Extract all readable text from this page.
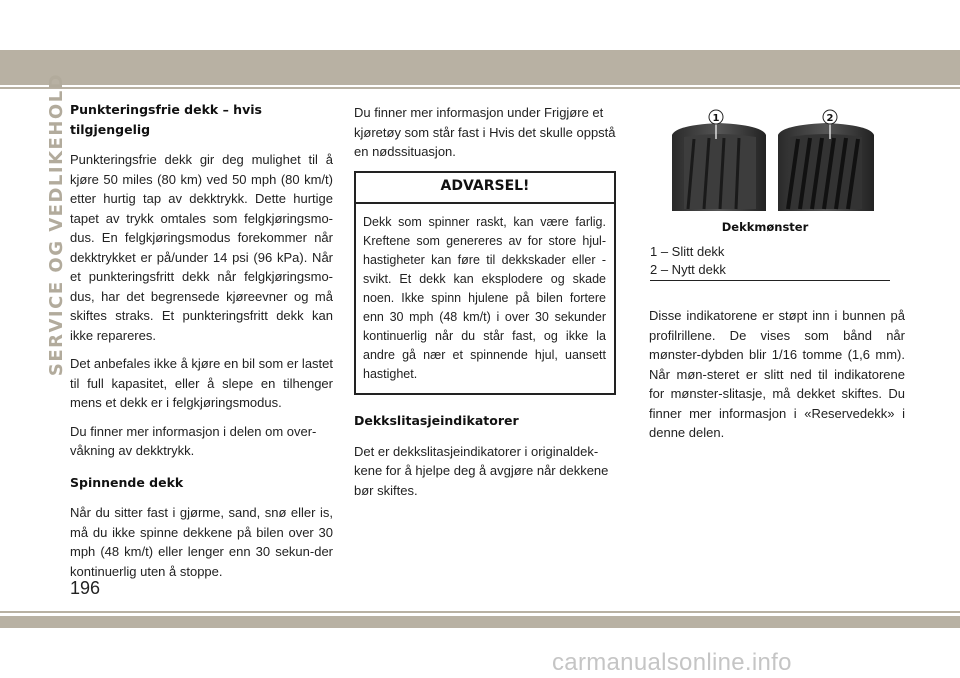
SERVICE OG VEDLIKEHOLD Punkteringsfrie dekk – hvis tilgjengelig

Punkteringsfrie dekk gir deg mulighet til å kjøre 50 miles (80 km) ved 50 mph (80 km/t) etter hurtig tap av dekktrykk. Dette hurtige tapet av trykk omtales som felgkjøringsmo-dus. En felgkjøringsmodus forekommer når dekktrykket er på/under 14 psi (96 kPa). Når et punkteringsfritt dekk når felgkjøringsmo-dus, har det begrensede kjøreevner og må skiftes straks. Et punkteringsfritt dekk kan ikke repareres.

Det anbefales ikke å kjøre en bil som er lastet til full kapasitet, eller å slepe en tilhenger mens et dekk er i felgkjøringsmodus.

Du finner mer informasjon i delen om over-våkning av dekktrykk.

Spinnende dekk

Når du sitter fast i gjørme, sand, snø eller is, må du ikke spinne dekkene på bilen over 30 mph (48 km/t) eller lenger enn 30 sekun-der kontinuerlig uten å stoppe.

Du finner mer informasjon under Frigjøre et kjøretøy som står fast i Hvis det skulle oppstå en nødssituasjon.

ADVARSEL!
Dekk som spinner raskt, kan være farlig. Kreftene som genereres av for store hjul-hastigheter kan føre til dekkskader eller -svikt. Et dekk kan eksplodere og skade noen. Ikke spinn hjulene på bilen fortere enn 30 mph (48 km/t) i over 30 sekunder kontinuerlig når du står fast, og ikke la andre gå nær et spinnende hjul, uansett hastighet.
Dekkslitasjeindikatorer

Det er dekkslitasjeindikatorer i originaldek-kene for å hjelpe deg å avgjøre når dekkene bør skiftes.

1	2
Dekkmønster
1 – Slitt dekk
2 – Nytt dekk

Disse indikatorene er støpt inn i bunnen på profilrillene. De vises som bånd når mønster-dybden blir 1/16 tomme (1,6 mm). Når møn-steret er slitt ned til indikatorene for mønster-slitasje, må dekket skiftes. Du finner mer informasjon i «Reservedekk» i denne delen.

196
carmanualsonline.info
